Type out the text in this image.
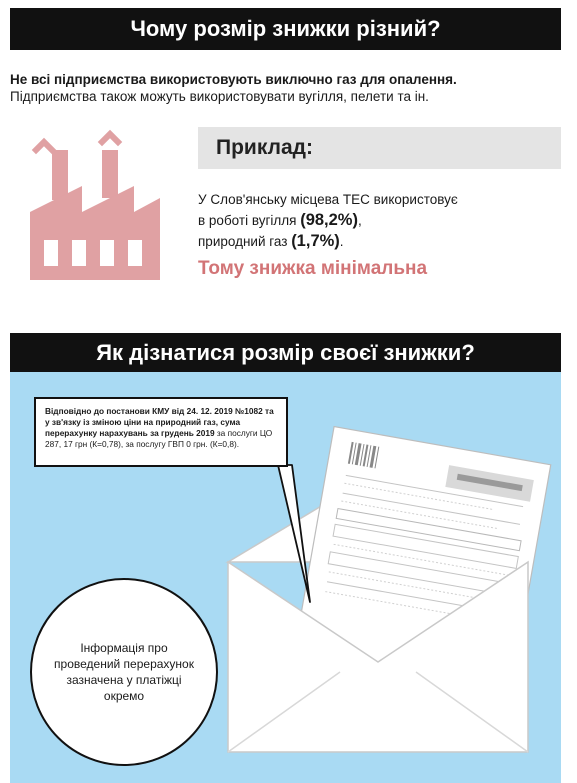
Чому розмір знижки різний?
Не всі підприємства використовують виключно газ для опалення.
Підприємства також можуть використовувати вугілля, пелети та ін.
Приклад:
У Слов'янську місцева ТЕС використовує
в роботі вугілля (98,2%),
природний газ (1,7%).
Тому знижка мінімальна
Як дізнатися розмір своєї знижки?
Відповідно до постанови КМУ від 24. 12. 2019 №1082 та у зв'язку із зміною ціни на природний газ, сума перерахунку нарахувань за грудень 2019 за послуги ЦО 287, 17 грн (К=0,78), за послугу ГВП 0 грн. (К=0,8).
Інформація про проведений перерахунок зазначена у платіжці окремо
